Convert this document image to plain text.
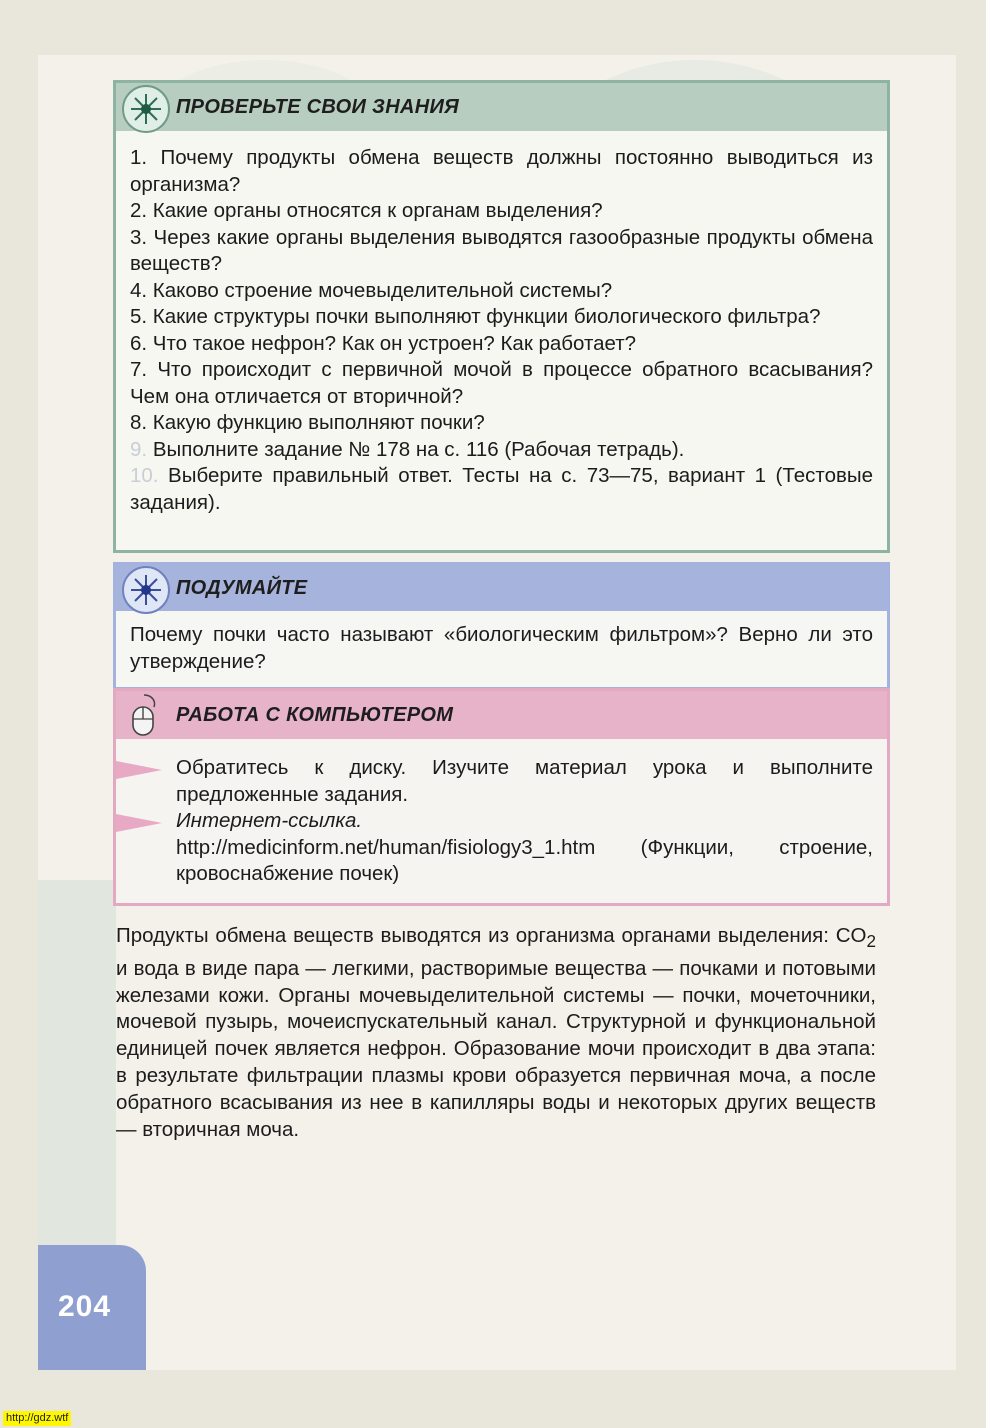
ПРОВЕРЬТЕ СВОИ ЗНАНИЯ

1. Почему продукты обмена веществ должны постоянно выводиться из организма?

2. Какие органы относятся к органам выделения?

3. Через какие органы выделения выводятся газообразные продукты обмена веществ?

4. Каково строение мочевыделительной системы?

5. Какие структуры почки выполняют функции биологического фильтра?

6. Что такое нефрон? Как он устроен? Как работает?

7. Что происходит с первичной мочой в процессе обратного всасывания? Чем она отличается от вторичной?

8. Какую функцию выполняют почки?

9. Выполните задание № 178 на с. 116 (Рабочая тетрадь).

10. Выберите правильный ответ. Тесты на с. 73—75, вариант 1 (Тестовые задания).

ПОДУМАЙТЕ

Почему почки часто называют «биологическим фильтром»? Верно ли это утверждение?

РАБОТА С КОМПЬЮТЕРОМ

Обратитесь к диску. Изучите материал урока и выполните предложенные задания.

Интернет-ссылка.

http://medicinform.net/human/fisiology3_1.htm (Функции, строение, кровоснабжение почек)

Продукты обмена веществ выводятся из организма органами выделения: $CO_2$ и вода в виде пара — легкими, растворимые вещества — почками и потовыми железами кожи. Органы мочевыделительной системы — почки, мочеточники, мочевой пузырь, мочеиспускательный канал. Структурной и функциональной единицей почек является нефрон. Образование мочи происходит в два этапа: в результате фильтрации плазмы крови образуется первичная моча, а после обратного всасывания из нее в капилляры воды и некоторых других веществ — вторичная моча.
204
http://gdz.wtf
